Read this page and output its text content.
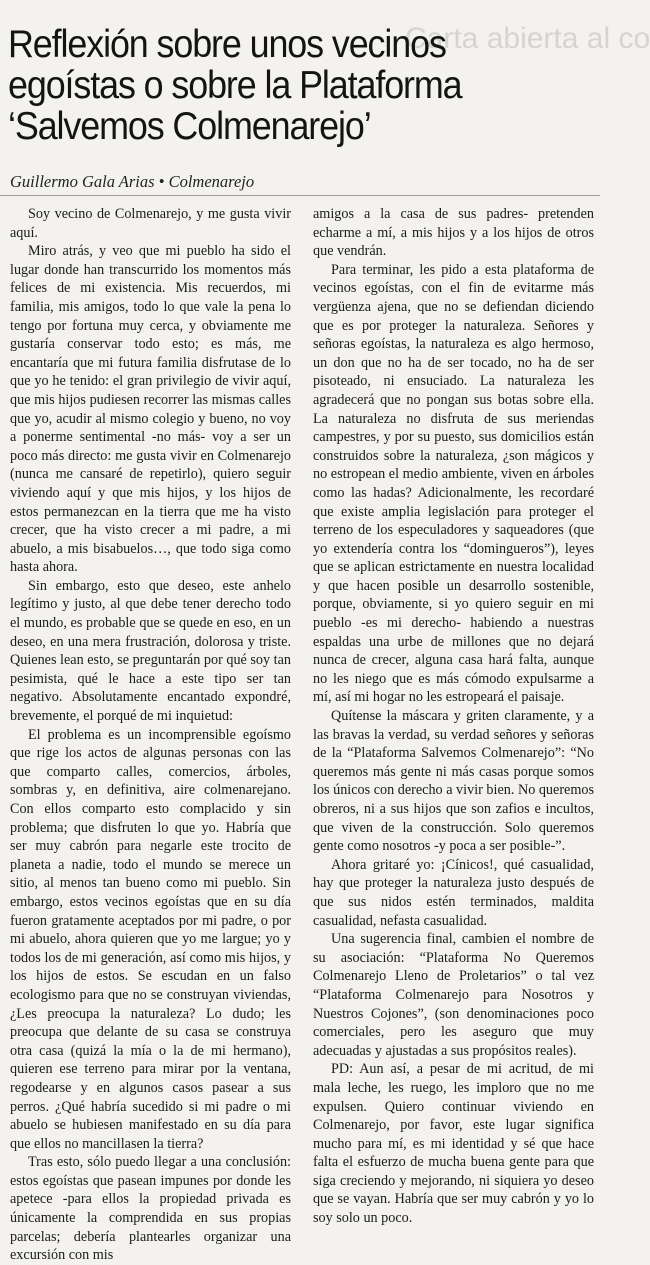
Carta abierta al co
Reflexión sobre unos vecinos egoístas o sobre la Plataforma ‘Salvemos Colmenarejo’
Guillermo Gala Arias • Colmenarejo

Soy vecino de Colmenarejo, y me gusta vivir aquí.

Miro atrás, y veo que mi pueblo ha sido el lugar donde han transcurrido los momentos más felices de mi existencia. Mis recuerdos, mi familia, mis amigos, todo lo que vale la pena lo tengo por fortuna muy cerca, y obviamente me gustaría conservar todo esto; es más, me encantaría que mi futura familia disfrutase de lo que yo he tenido: el gran privilegio de vivir aquí, que mis hijos pudiesen recorrer las mismas calles que yo, acudir al mismo colegio y bueno, no voy a ponerme sentimental -no más- voy a ser un poco más directo: me gusta vivir en Colmenarejo (nunca me cansaré de repetirlo), quiero seguir viviendo aquí y que mis hijos, y los hijos de estos permanezcan en la tierra que me ha visto crecer, que ha visto crecer a mi padre, a mi abuelo, a mis bisabuelos…, que todo siga como hasta ahora.

Sin embargo, esto que deseo, este anhelo legítimo y justo, al que debe tener derecho todo el mundo, es probable que se quede en eso, en un deseo, en una mera frustración, dolorosa y triste. Quienes lean esto, se preguntarán por qué soy tan pesimista, qué le hace a este tipo ser tan negativo. Absolutamente encantado expondré, brevemente, el porqué de mi inquietud:

El problema es un incomprensible egoísmo que rige los actos de algunas personas con las que comparto calles, comercios, árboles, sombras y, en definitiva, aire colmenarejano. Con ellos comparto esto complacido y sin problema; que disfruten lo que yo. Habría que ser muy cabrón para negarle este trocito de planeta a nadie, todo el mundo se merece un sitio, al menos tan bueno como mi pueblo. Sin embargo, estos vecinos egoístas que en su día fueron gratamente aceptados por mi padre, o por mi abuelo, ahora quieren que yo me largue; yo y todos los de mi generación, así como mis hijos, y los hijos de estos. Se escudan en un falso ecologismo para que no se construyan viviendas, ¿Les preocupa la naturaleza? Lo dudo; les preocupa que delante de su casa se construya otra casa (quizá la mía o la de mi hermano), quieren ese terreno para mirar por la ventana, regodearse y en algunos casos pasear a sus perros. ¿Qué habría sucedido si mi padre o mi abuelo se hubiesen manifestado en su día para que ellos no mancillasen la tierra?

Tras esto, sólo puedo llegar a una conclusión: estos egoístas que pasean impunes por donde les apetece -para ellos la propiedad privada es únicamente la comprendida en sus propias parcelas; debería plantearles organizar una excursión con mis

amigos a la casa de sus padres- pretenden echarme a mí, a mis hijos y a los hijos de otros que vendrán.

Para terminar, les pido a esta plataforma de vecinos egoístas, con el fin de evitarme más vergüenza ajena, que no se defiendan diciendo que es por proteger la naturaleza. Señores y señoras egoístas, la naturaleza es algo hermoso, un don que no ha de ser tocado, no ha de ser pisoteado, ni ensuciado. La naturaleza les agradecerá que no pongan sus botas sobre ella. La naturaleza no disfruta de sus meriendas campestres, y por su puesto, sus domicilios están construidos sobre la naturaleza, ¿son mágicos y no estropean el medio ambiente, viven en árboles como las hadas? Adicionalmente, les recordaré que existe amplia legislación para proteger el terreno de los especuladores y saqueadores (que yo extendería contra los “domingueros”), leyes que se aplican estrictamente en nuestra localidad y que hacen posible un desarrollo sostenible, porque, obviamente, si yo quiero seguir en mi pueblo -es mi derecho- habiendo a nuestras espaldas una urbe de millones que no dejará nunca de crecer, alguna casa hará falta, aunque no les niego que es más cómodo expulsarme a mí, así mi hogar no les estropeará el paisaje.

Quítense la máscara y griten claramente, y a las bravas la verdad, su verdad señores y señoras de la “Plataforma Salvemos Colmenarejo”: “No queremos más gente ni más casas porque somos los únicos con derecho a vivir bien. No queremos obreros, ni a sus hijos que son zafios e incultos, que viven de la construcción. Solo queremos gente como nosotros -y poca a ser posible-”.

Ahora gritaré yo: ¡Cínicos!, qué casualidad, hay que proteger la naturaleza justo después de que sus nidos estén terminados, maldita casualidad, nefasta casualidad.

Una sugerencia final, cambien el nombre de su asociación: “Plataforma No Queremos Colmenarejo Lleno de Proletarios” o tal vez “Plataforma Colmenarejo para Nosotros y Nuestros Cojones”, (son denominaciones poco comerciales, pero les aseguro que muy adecuadas y ajustadas a sus propósitos reales).

PD: Aun así, a pesar de mi acritud, de mi mala leche, les ruego, les imploro que no me expulsen. Quiero continuar viviendo en Colmenarejo, por favor, este lugar significa mucho para mí, es mi identidad y sé que hace falta el esfuerzo de mucha buena gente para que siga creciendo y mejorando, ni siquiera yo deseo que se vayan. Habría que ser muy cabrón y yo lo soy solo un poco.
